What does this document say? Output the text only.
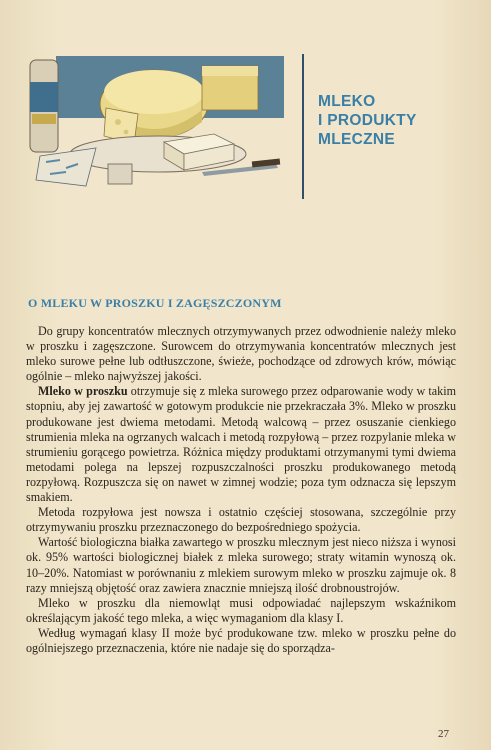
MLEKO
I PRODUKTY
MLECZNE
O MLEKU W PROSZKU I ZAGĘSZCZONYM

Do grupy koncentratów mlecznych otrzymywanych przez odwodnienie należy mleko w proszku i zagęszczone. Surowcem do otrzymywania koncentratów mlecznych jest mleko surowe pełne lub odtłuszczone, świeże, pochodzące od zdrowych krów, mówiąc ogólnie – mleko najwyższej jakości.

Mleko w proszku otrzymuje się z mleka surowego przez odparowanie wody w takim stopniu, aby jej zawartość w gotowym produkcie nie przekraczała 3%. Mleko w proszku produkowane jest dwiema metodami. Metodą walcową – przez osuszanie cienkiego strumienia mleka na ogrzanych walcach i metodą rozpyłową – przez rozpylanie mleka w strumieniu gorącego powietrza. Różnica między produktami otrzymanymi tymi dwiema metodami polega na lepszej rozpuszczalności proszku produkowanego metodą rozpyłową. Rozpuszcza się on nawet w zimnej wodzie; poza tym odznacza się lepszym smakiem.

Metoda rozpyłowa jest nowsza i ostatnio częściej stosowana, szczególnie przy otrzymywaniu proszku przeznaczonego do bezpośredniego spożycia.

Wartość biologiczna białka zawartego w proszku mlecznym jest nieco niższa i wynosi ok. 95% wartości biologicznej białek z mleka surowego; straty witamin wynoszą ok. 10–20%. Natomiast w porównaniu z mlekiem surowym mleko w proszku zajmuje ok. 8 razy mniejszą objętość oraz zawiera znacznie mniejszą ilość drobnoustrojów.

Mleko w proszku dla niemowląt musi odpowiadać najlepszym wskaźnikom określającym jakość tego mleka, a więc wymaganiom dla klasy I.

Według wymagań klasy II może być produkowane tzw. mleko w proszku pełne do ogólniejszego przeznaczenia, które nie nadaje się do sporządza-

27
